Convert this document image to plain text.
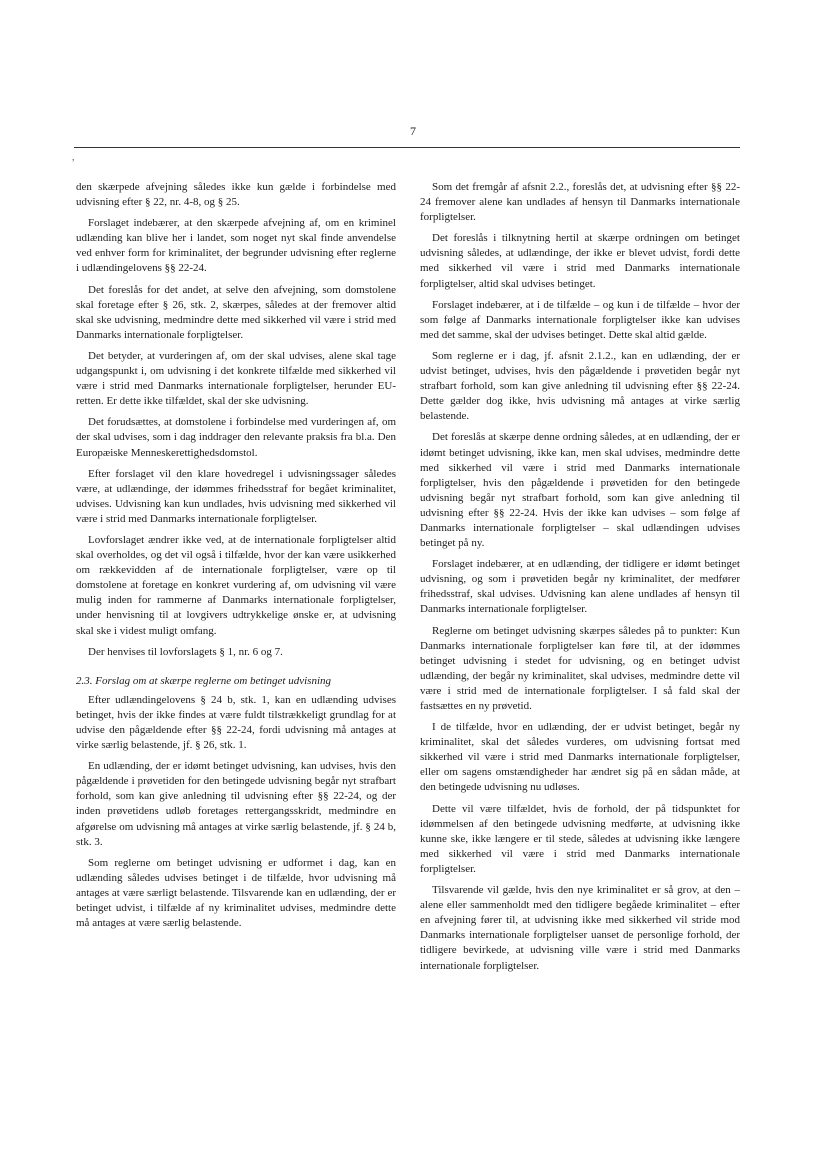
7
,

den skærpede afvejning således ikke kun gælde i forbindelse med udvisning efter § 22, nr. 4-8, og § 25.

Forslaget indebærer, at den skærpede afvejning af, om en kriminel udlænding kan blive her i landet, som noget nyt skal finde anvendelse ved enhver form for kriminalitet, der begrunder udvisning efter reglerne i udlændingelovens §§ 22-24.

Det foreslås for det andet, at selve den afvejning, som domstolene skal foretage efter § 26, stk. 2, skærpes, således at der fremover altid skal ske udvisning, medmindre dette med sikkerhed vil være i strid med Danmarks internationale forpligtelser.

Det betyder, at vurderingen af, om der skal udvises, alene skal tage udgangspunkt i, om udvisning i det konkrete tilfælde med sikkerhed vil være i strid med Danmarks internationale forpligtelser, herunder EU-retten. Er dette ikke tilfældet, skal der ske udvisning.

Det forudsættes, at domstolene i forbindelse med vurderingen af, om der skal udvises, som i dag inddrager den relevante praksis fra bl.a. Den Europæiske Menneskerettighedsdomstol.

Efter forslaget vil den klare hovedregel i udvisningssager således være, at udlændinge, der idømmes frihedsstraf for begået kriminalitet, udvises. Udvisning kan kun undlades, hvis udvisning med sikkerhed vil være i strid med Danmarks internationale forpligtelser.

Lovforslaget ændrer ikke ved, at de internationale forpligtelser altid skal overholdes, og det vil også i tilfælde, hvor der kan være usikkerhed om rækkevidden af de internationale forpligtelser, være op til domstolene at foretage en konkret vurdering af, om udvisning vil være mulig inden for rammerne af Danmarks internationale forpligtelser, under henvisning til at lovgivers udtrykkelige ønske er, at udvisning skal ske i videst muligt omfang.

Der henvises til lovforslagets § 1, nr. 6 og 7.

2.3. Forslag om at skærpe reglerne om betinget udvisning

Efter udlændingelovens § 24 b, stk. 1, kan en udlænding udvises betinget, hvis der ikke findes at være fuldt tilstrækkeligt grundlag for at udvise den pågældende efter §§ 22-24, fordi udvisning må antages at virke særlig belastende, jf. § 26, stk. 1.

En udlænding, der er idømt betinget udvisning, kan udvises, hvis den pågældende i prøvetiden for den betingede udvisning begår nyt strafbart forhold, som kan give anledning til udvisning efter §§ 22-24, og der inden prøvetidens udløb foretages rettergangsskridt, medmindre en afgørelse om udvisning må antages at virke særlig belastende, jf. § 24 b, stk. 3.

Som reglerne om betinget udvisning er udformet i dag, kan en udlænding således udvises betinget i de tilfælde, hvor udvisning må antages at være særligt belastende. Tilsvarende kan en udlænding, der er betinget udvist, i tilfælde af ny kriminalitet udvises, medmindre dette må antages at være særlig belastende.

Som det fremgår af afsnit 2.2., foreslås det, at udvisning efter §§ 22-24 fremover alene kan undlades af hensyn til Danmarks internationale forpligtelser.

Det foreslås i tilknytning hertil at skærpe ordningen om betinget udvisning således, at udlændinge, der ikke er blevet udvist, fordi dette med sikkerhed vil være i strid med Danmarks internationale forpligtelser, altid skal udvises betinget.

Forslaget indebærer, at i de tilfælde – og kun i de tilfælde – hvor der som følge af Danmarks internationale forpligtelser ikke kan udvises med det samme, skal der udvises betinget. Dette skal altid gælde.

Som reglerne er i dag, jf. afsnit 2.1.2., kan en udlænding, der er udvist betinget, udvises, hvis den pågældende i prøvetiden begår nyt strafbart forhold, som kan give anledning til udvisning efter §§ 22-24. Dette gælder dog ikke, hvis udvisning må antages at virke særlig belastende.

Det foreslås at skærpe denne ordning således, at en udlænding, der er idømt betinget udvisning, ikke kan, men skal udvises, medmindre dette med sikkerhed vil være i strid med Danmarks internationale forpligtelser, hvis den pågældende i prøvetiden for den betingede udvisning begår nyt strafbart forhold, som kan give anledning til udvisning efter §§ 22-24. Hvis der ikke kan udvises – som følge af Danmarks internationale forpligtelser – skal udlændingen udvises betinget på ny.

Forslaget indebærer, at en udlænding, der tidligere er idømt betinget udvisning, og som i prøvetiden begår ny kriminalitet, der medfører frihedsstraf, skal udvises. Udvisning kan alene undlades af hensyn til Danmarks internationale forpligtelser.

Reglerne om betinget udvisning skærpes således på to punkter: Kun Danmarks internationale forpligtelser kan føre til, at der idømmes betinget udvisning i stedet for udvisning, og en betinget udvist udlænding, der begår ny kriminalitet, skal udvises, medmindre dette vil være i strid med de internationale forpligtelser. I så fald skal der fastsættes en ny prøvetid.

I de tilfælde, hvor en udlænding, der er udvist betinget, begår ny kriminalitet, skal det således vurderes, om udvisning fortsat med sikkerhed vil være i strid med Danmarks internationale forpligtelser, eller om sagens omstændigheder har ændret sig på en sådan måde, at den betingede udvisning nu udløses.

Dette vil være tilfældet, hvis de forhold, der på tidspunktet for idømmelsen af den betingede udvisning medførte, at udvisning ikke kunne ske, ikke længere er til stede, således at udvisning ikke længere med sikkerhed vil være i strid med Danmarks internationale forpligtelser.

Tilsvarende vil gælde, hvis den nye kriminalitet er så grov, at den – alene eller sammenholdt med den tidligere begåede kriminalitet – efter en afvejning fører til, at udvisning ikke med sikkerhed vil stride mod Danmarks internationale forpligtelser uanset de personlige forhold, der tidligere bevirkede, at udvisning ville være i strid med Danmarks internationale forpligtelser.
